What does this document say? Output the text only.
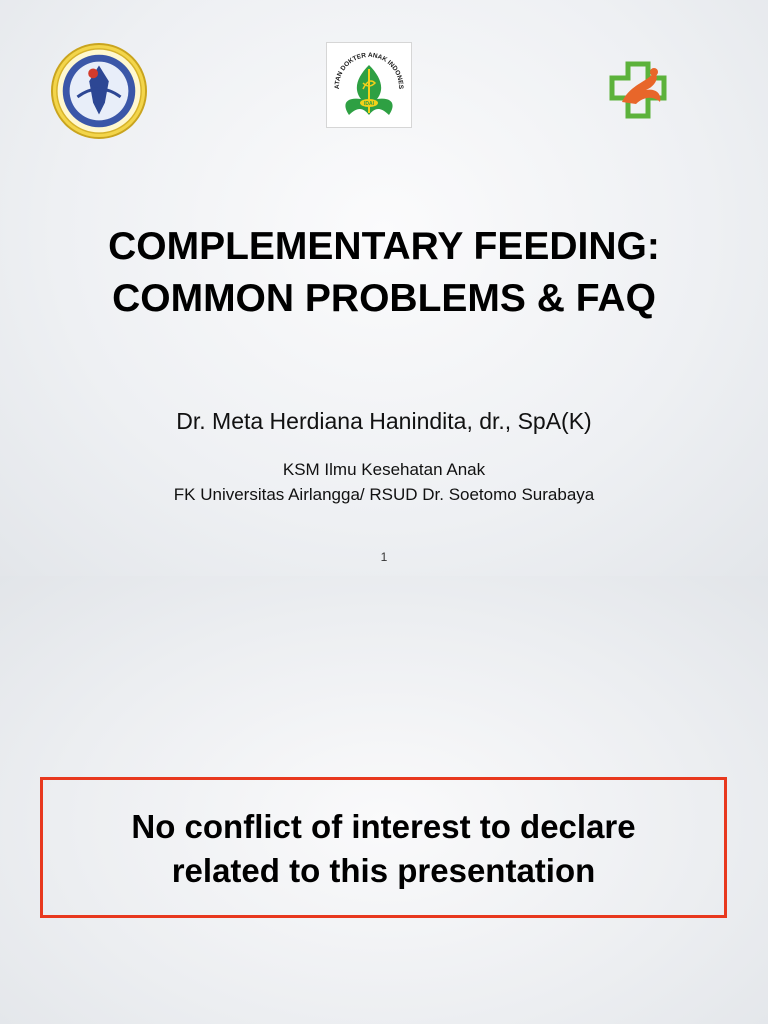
ATAN DOKTER ANAK INDONES
IDAI
COMPLEMENTARY FEEDING:
COMMON PROBLEMS & FAQ
Dr. Meta Herdiana Hanindita, dr., SpA(K)
KSM Ilmu Kesehatan Anak
FK Universitas Airlangga/ RSUD Dr. Soetomo Surabaya
1
No conflict of interest to declare
related to this presentation
